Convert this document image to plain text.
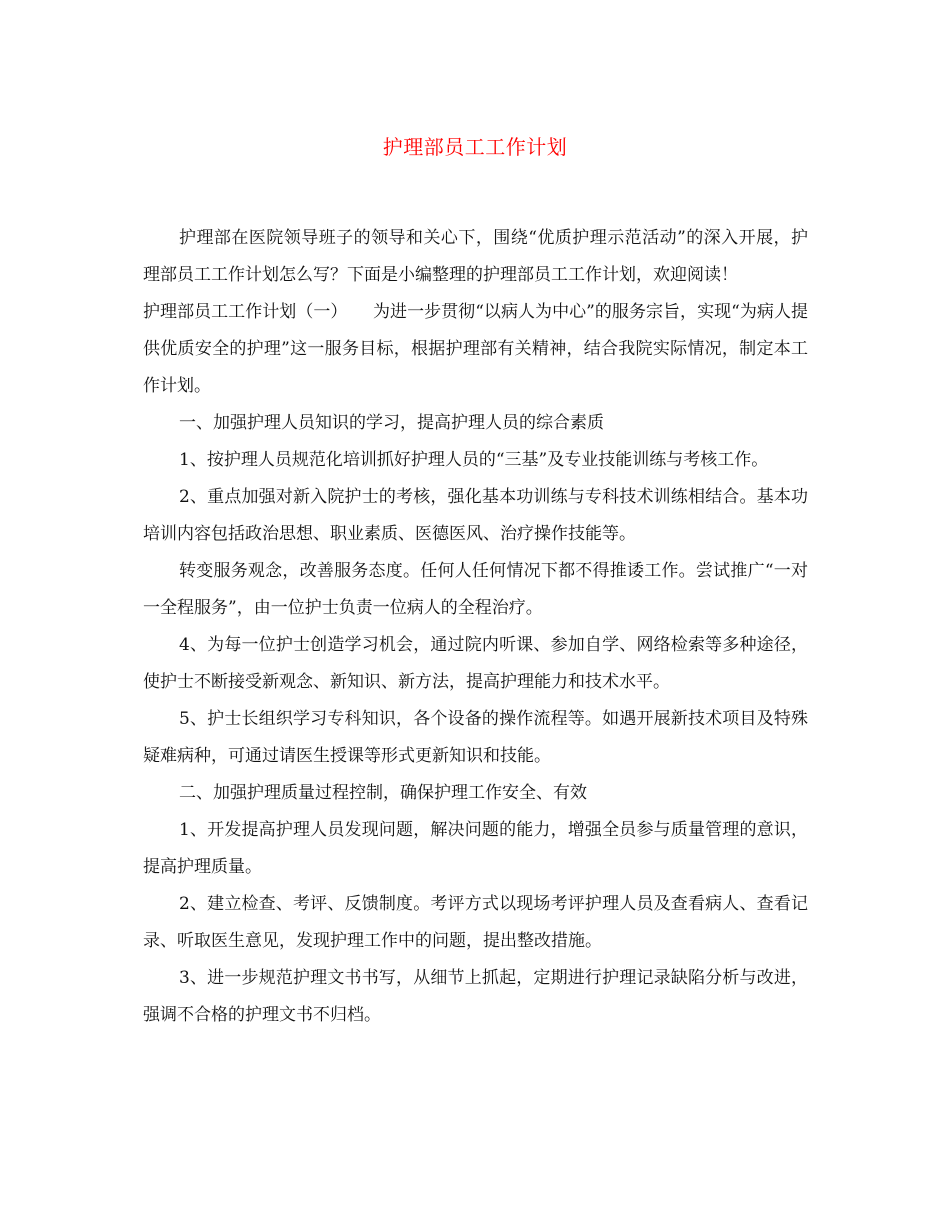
护理部员工工作计划

护理部在医院领导班子的领导和关心下，围绕“优质护理示范活动”的深入开展，护理部员工工作计划怎么写？下面是小编整理的护理部员工工作计划，欢迎阅读！

护理部员工工作计划（一）　　为进一步贯彻“以病人为中心”的服务宗旨，实现“为病人提供优质安全的护理”这一服务目标，根据护理部有关精神，结合我院实际情况，制定本工作计划。

一、加强护理人员知识的学习，提高护理人员的综合素质

1、按护理人员规范化培训抓好护理人员的“三基”及专业技能训练与考核工作。

2、重点加强对新入院护士的考核，强化基本功训练与专科技术训练相结合。基本功培训内容包括政治思想、职业素质、医德医风、治疗操作技能等。

转变服务观念，改善服务态度。任何人任何情况下都不得推诿工作。尝试推广“一对一全程服务”，由一位护士负责一位病人的全程治疗。

4、为每一位护士创造学习机会，通过院内听课、参加自学、网络检索等多种途径，使护士不断接受新观念、新知识、新方法，提高护理能力和技术水平。

5、护士长组织学习专科知识，各个设备的操作流程等。如遇开展新技术项目及特殊疑难病种，可通过请医生授课等形式更新知识和技能。

二、加强护理质量过程控制，确保护理工作安全、有效

1、开发提高护理人员发现问题，解决问题的能力，增强全员参与质量管理的意识，提高护理质量。

2、建立检查、考评、反馈制度。考评方式以现场考评护理人员及查看病人、查看记录、听取医生意见，发现护理工作中的问题，提出整改措施。

3、进一步规范护理文书书写，从细节上抓起，定期进行护理记录缺陷分析与改进，强调不合格的护理文书不归档。
